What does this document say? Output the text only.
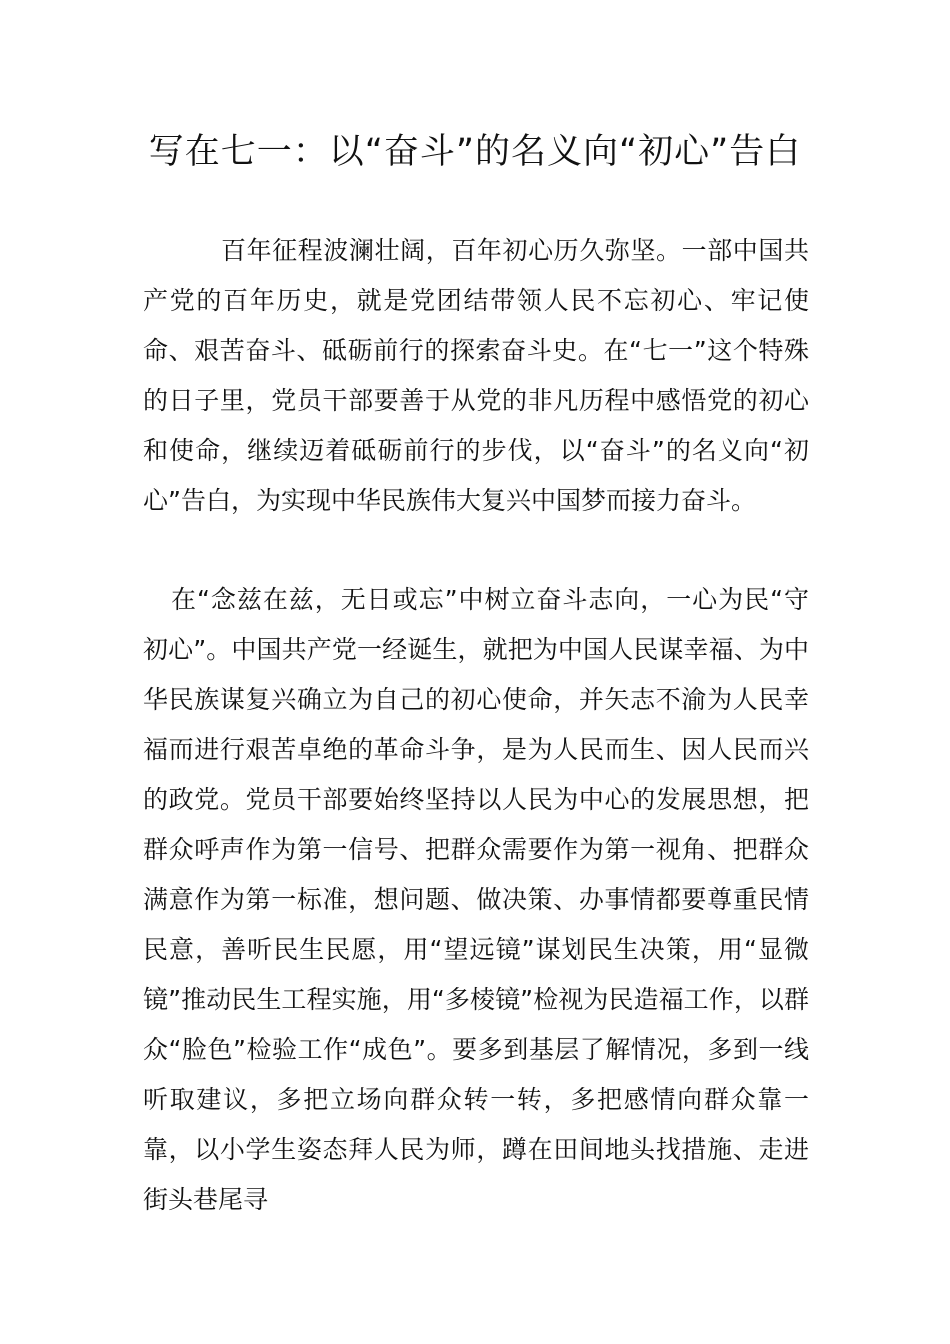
写在七一：以“奋斗”的名义向“初心”告白

百年征程波澜壮阔，百年初心历久弥坚。一部中国共产党的百年历史，就是党团结带领人民不忘初心、牢记使命、艰苦奋斗、砥砺前行的探索奋斗史。在“七一”这个特殊的日子里，党员干部要善于从党的非凡历程中感悟党的初心和使命，继续迈着砥砺前行的步伐，以“奋斗”的名义向“初心”告白，为实现中华民族伟大复兴中国梦而接力奋斗。

在“念兹在兹，无日或忘”中树立奋斗志向，一心为民“守初心”。中国共产党一经诞生，就把为中国人民谋幸福、为中华民族谋复兴确立为自己的初心使命，并矢志不渝为人民幸福而进行艰苦卓绝的革命斗争，是为人民而生、因人民而兴的政党。党员干部要始终坚持以人民为中心的发展思想，把群众呼声作为第一信号、把群众需要作为第一视角、把群众满意作为第一标准，想问题、做决策、办事情都要尊重民情民意，善听民生民愿，用“望远镜”谋划民生决策，用“显微镜”推动民生工程实施，用“多棱镜”检视为民造福工作，以群众“脸色”检验工作“成色”。要多到基层了解情况，多到一线听取建议，多把立场向群众转一转，多把感情向群众靠一靠，以小学生姿态拜人民为师，蹲在田间地头找措施、走进街头巷尾寻
